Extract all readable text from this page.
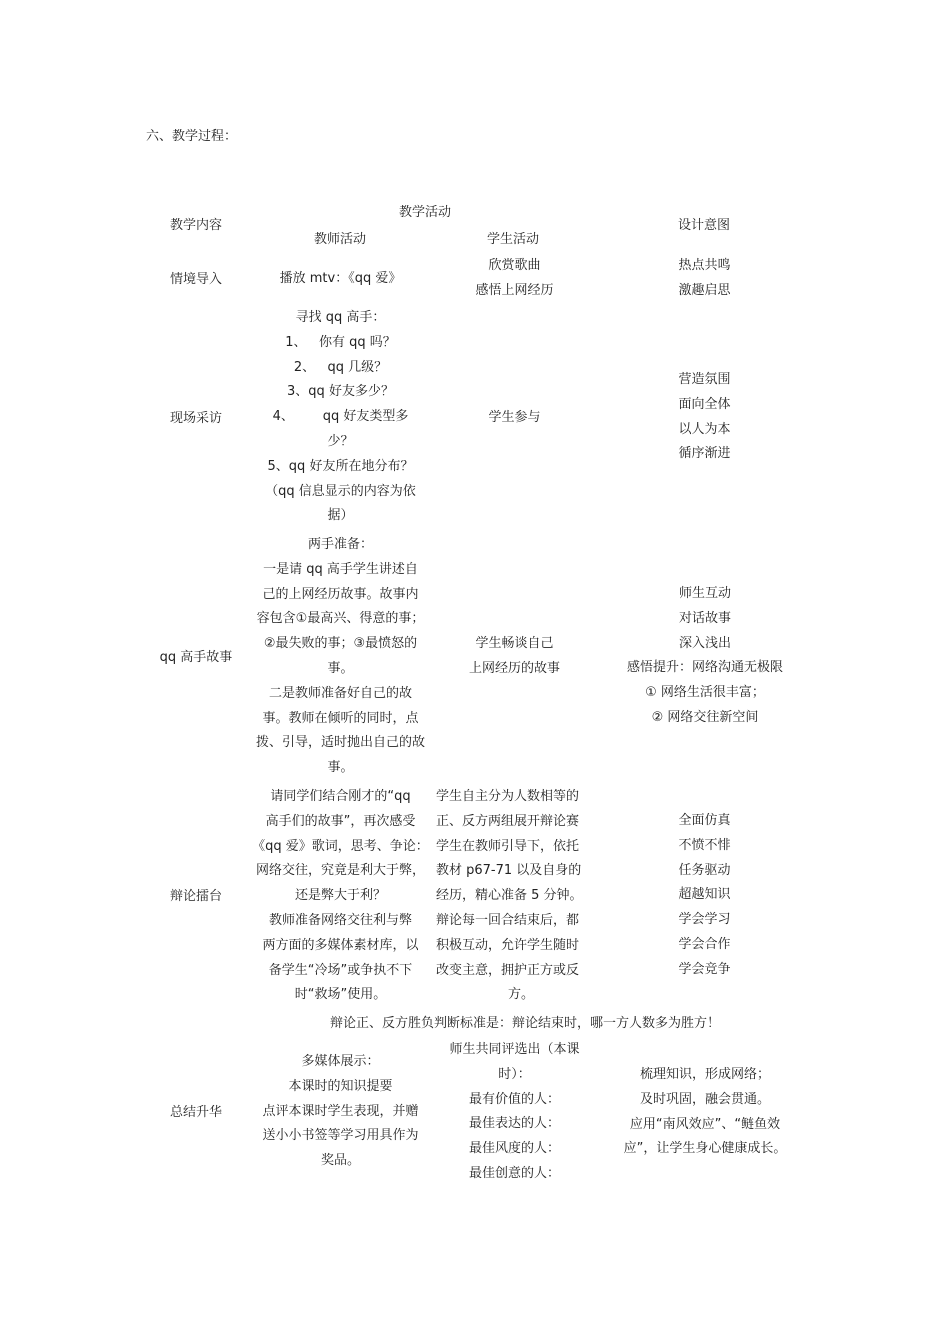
六、教学过程：
教学内容
教学活动
教师活动	学生活动
设计意图
情境导入	播放 mtv：《qq 爱》
欣赏歌曲
感悟上网经历
热点共鸣
激趣启思
现场采访
寻找 qq 高手：
1、   你有 qq 吗？
2、   qq 几级？
3、qq 好友多少？
4、       qq 好友类型多
少？
5、qq 好友所在地分布？
（qq 信息显示的内容为依
据）
学生参与
营造氛围
面向全体
以人为本
循序渐进
qq 高手故事
两手准备：
一是请 qq 高手学生讲述自
己的上网经历故事。故事内
容包含①最高兴、得意的事；
②最失败的事；③最愤怒的
事。
二是教师准备好自己的故
事。教师在倾听的同时，点
拨、引导，适时抛出自己的故
事。
学生畅谈自己
上网经历的故事
师生互动
对话故事
深入浅出
感悟提升：网络沟通无极限
① 网络生活很丰富；
② 网络交往新空间
辩论擂台
请同学们结合刚才的“qq
高手们的故事”，再次感受
《qq 爱》歌词，思考、争论：
网络交往，究竟是利大于弊，
还是弊大于利？
教师准备网络交往利与弊
两方面的多媒体素材库，以
备学生“冷场”或争执不下
时“救场”使用。
学生自主分为人数相等的
正、反方两组展开辩论赛
学生在教师引导下，依托
教材 p67-71 以及自身的
经历，精心准备 5 分钟。
辩论每一回合结束后，都
积极互动，允许学生随时
改变主意，拥护正方或反
方。
全面仿真
不愤不悱
任务驱动
超越知识
学会学习
学会合作
学会竞争
辩论正、反方胜负判断标准是：辩论结束时，哪一方人数多为胜方！
总结升华
多媒体展示：
本课时的知识提要
点评本课时学生表现，并赠
送小小书签等学习用具作为
奖品。
师生共同评选出（本课
时）：
最有价值的人：
最佳表达的人：
最佳风度的人：
最佳创意的人：
梳理知识，形成网络；
及时巩固，融会贯通。
应用“南风效应”、“鲢鱼效
应”，让学生身心健康成长。
